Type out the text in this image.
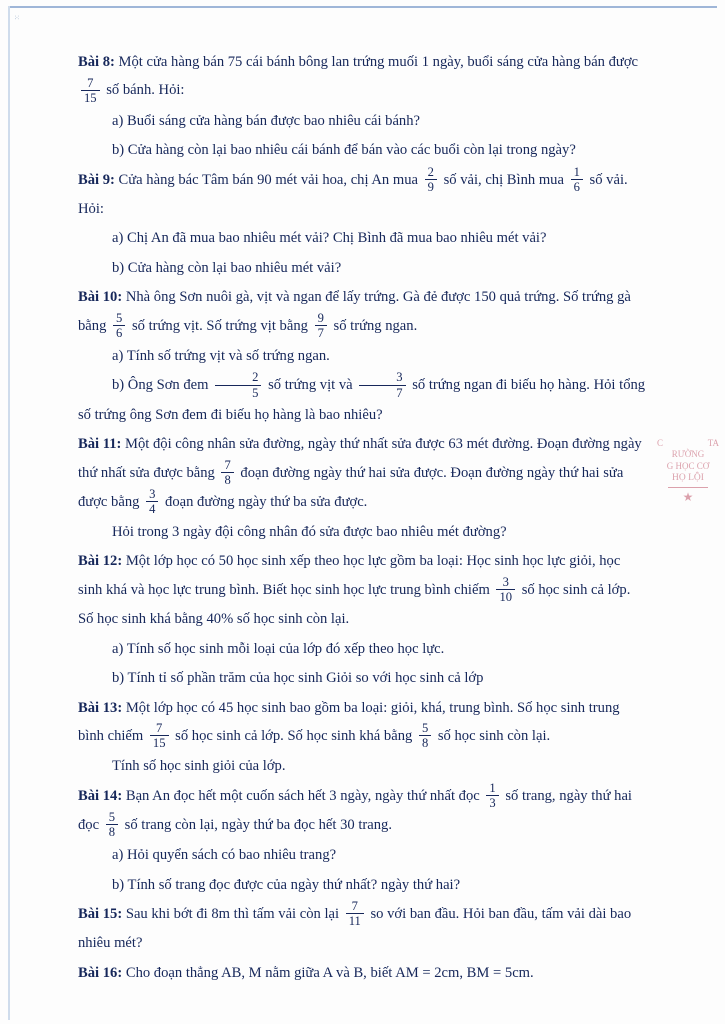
⁙

Bài 8: Một cửa hàng bán 75 cái bánh bông lan trứng muối 1 ngày, buổi sáng cửa hàng bán được
$\frac{7}{15}$ số bánh. Hỏi:

a) Buổi sáng cửa hàng bán được bao nhiêu cái bánh?

b) Cửa hàng còn lại bao nhiêu cái bánh để bán vào các buổi còn lại trong ngày?

Bài 9: Cửa hàng bác Tâm bán 90 mét vải hoa, chị An mua $\frac{2}{9}$ số vải, chị Bình mua $\frac{1}{6}$ số vải. Hỏi:

a) Chị An đã mua bao nhiêu mét vải? Chị Bình đã mua bao nhiêu mét vải?

b) Cửa hàng còn lại bao nhiêu mét vải?

Bài 10: Nhà ông Sơn nuôi gà, vịt và ngan để lấy trứng. Gà đẻ được 150 quả trứng. Số trứng gà bằng $\frac{5}{6}$ số trứng vịt. Số trứng vịt bằng $\frac{9}{7}$ số trứng ngan.

a) Tính số trứng vịt và số trứng ngan.

b) Ông Sơn đem $\frac{2}{5}$ số trứng vịt và $\frac{3}{7}$ số trứng ngan đi biếu họ hàng. Hỏi tổng số trứng ông Sơn đem đi biếu họ hàng là bao nhiêu?

Bài 11: Một đội công nhân sửa đường, ngày thứ nhất sửa được 63 mét đường. Đoạn đường ngày thứ nhất sửa được bằng $\frac{7}{8}$ đoạn đường ngày thứ hai sửa được. Đoạn đường ngày thứ hai sửa được bằng $\frac{3}{4}$ đoạn đường ngày thứ ba sửa được.

Hỏi trong 3 ngày đội công nhân đó sửa được bao nhiêu mét đường?

Bài 12: Một lớp học có 50 học sinh xếp theo học lực gồm ba loại: Học sinh học lực giỏi, học sinh khá và học lực trung bình. Biết học sinh học lực trung bình chiếm $\frac{3}{10}$ số học sinh cả lớp. Số học sinh khá bằng 40% số học sinh còn lại.

a) Tính số học sinh mỗi loại của lớp đó xếp theo học lực.

b) Tính tỉ số phần trăm của học sinh Giỏi so với học sinh cả lớp

Bài 13: Một lớp học có 45 học sinh bao gồm ba loại: giỏi, khá, trung bình. Số học sinh trung bình chiếm $\frac{7}{15}$ số học sinh cả lớp. Số học sinh khá bằng $\frac{5}{8}$ số học sinh còn lại.

Tính số học sinh giỏi của lớp.

Bài 14: Bạn An đọc hết một cuốn sách hết 3 ngày, ngày thứ nhất đọc $\frac{1}{3}$ số trang, ngày thứ hai đọc $\frac{5}{8}$ số trang còn lại, ngày thứ ba đọc hết 30 trang.

a) Hỏi quyển sách có bao nhiêu trang?

b) Tính số trang đọc được của ngày thứ nhất? ngày thứ hai?

Bài 15: Sau khi bớt đi 8m thì tấm vải còn lại $\frac{7}{11}$ so với ban đầu. Hỏi ban đầu, tấm vải dài bao nhiêu mét?

Bài 16: Cho đoạn thẳng AB, M nằm giữa A và B, biết AM = 2cm, BM = 5cm.

C	TA
RƯỜNG
G HỌC CƠ
HỌ LỘI
★
